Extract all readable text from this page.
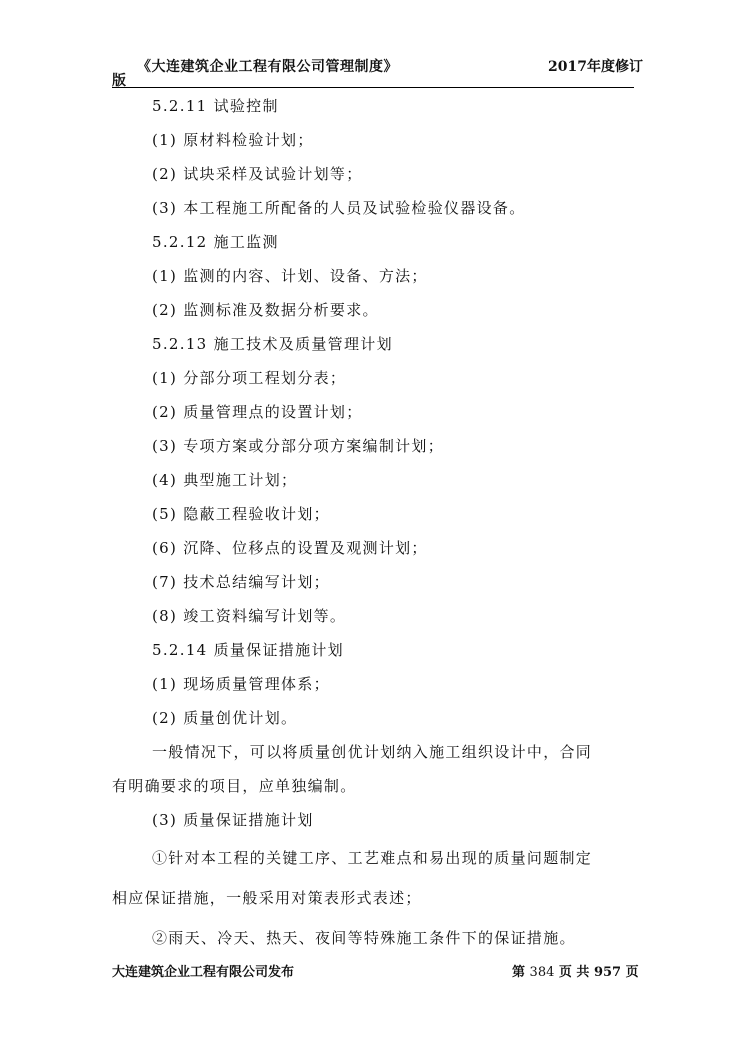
《大连建筑企业工程有限公司管理制度》	2017年度修订
版
5.2.11 试验控制
(1) 原材料检验计划；
(2) 试块采样及试验计划等；
(3) 本工程施工所配备的人员及试验检验仪器设备。
5.2.12 施工监测
(1) 监测的内容、计划、设备、方法；
(2) 监测标准及数据分析要求。
5.2.13 施工技术及质量管理计划
(1) 分部分项工程划分表；
(2) 质量管理点的设置计划；
(3) 专项方案或分部分项方案编制计划；
(4) 典型施工计划；
(5) 隐蔽工程验收计划；
(6) 沉降、位移点的设置及观测计划；
(7) 技术总结编写计划；
(8) 竣工资料编写计划等。
5.2.14 质量保证措施计划
(1) 现场质量管理体系；
(2) 质量创优计划。
一般情况下，可以将质量创优计划纳入施工组织设计中，合同
有明确要求的项目，应单独编制。
(3) 质量保证措施计划
①针对本工程的关键工序、工艺难点和易出现的质量问题制定
相应保证措施，一般采用对策表形式表述；
②雨天、冷天、热天、夜间等特殊施工条件下的保证措施。
大连建筑企业工程有限公司发布	第 384 页 共 957 页
